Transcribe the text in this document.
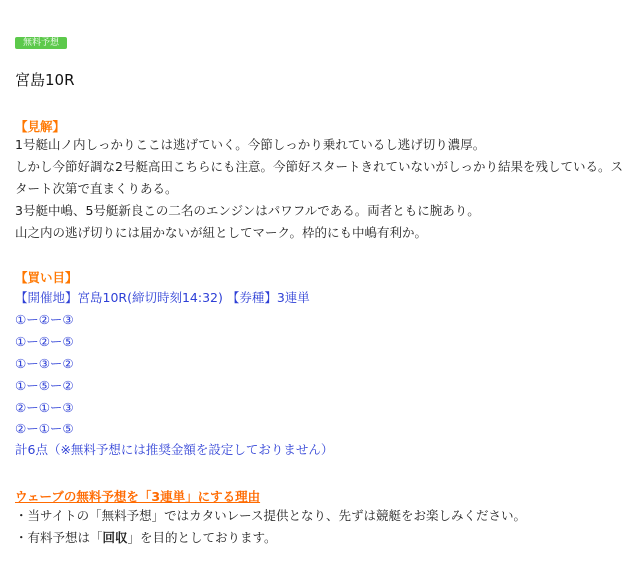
無料予想
宮島10R
【見解】
1号艇山ノ内しっかりここは逃げていく。今節しっかり乗れているし逃げ切り濃厚。
しかし今節好調な2号艇高田こちらにも注意。今節好スタートきれていないがしっかり結果を残している。ス
タート次第で直まくりある。
3号艇中嶋、5号艇新良この二名のエンジンはパワフルである。両者ともに腕あり。
山之内の逃げ切りには届かないが紐としてマーク。枠的にも中嶋有利か。
【買い目】
【開催地】宮島10R(締切時刻14:32) 【券種】3連単
①ー②ー③
①ー②ー⑤
①ー③ー②
①ー⑤ー②
②ー①ー③
②ー①ー⑤
計6点（※無料予想には推奨金額を設定しておりません）
ウェーブの無料予想を「3連単」にする理由
・当サイトの「無料予想」ではカタいレース提供となり、先ずは競艇をお楽しみください。
・有料予想は「回収」を目的としております。
